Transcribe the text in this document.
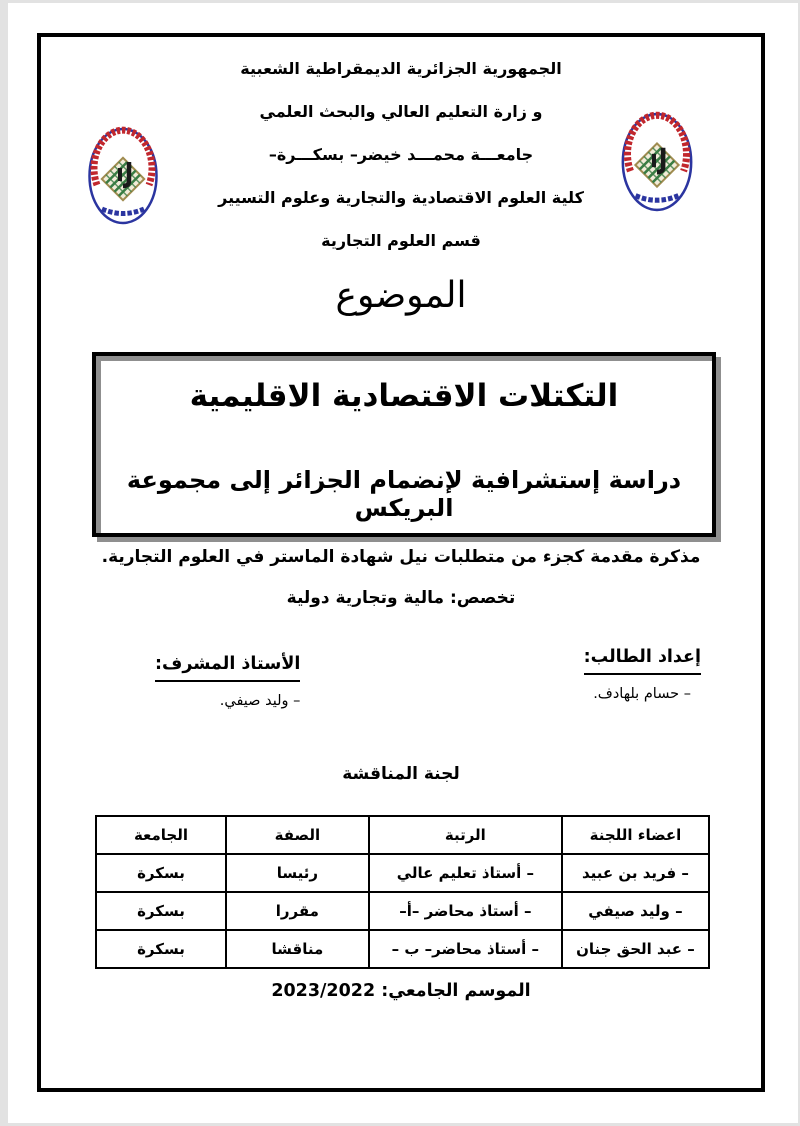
الجمهورية الجزائرية الديمقراطية الشعبية
و زارة التعليم العالي والبحث العلمي
جامعـــة محمـــد خيضر– بسكـــرة–
كلية العلوم الاقتصادية والتجارية وعلوم التسيير
قسم العلوم التجارية
الموضوع
التكتلات الاقتصادية الاقليمية
دراسة إستشرافية لإنضمام الجزائر إلى مجموعة البريكس
مذكرة مقدمة كجزء من متطلبات نيل شهادة الماستر في العلوم التجارية.
تخصص: مالية وتجارية دولية
إعداد الطالب:
– حسام بلهادف.
الأستاذ المشرف:
– وليد صيفي.
لجنة المناقشة
اعضاء اللجنة	الرتبة	الصفة	الجامعة
– فريد بن عبيد	– أستاذ تعليم عالي	رئيسا	بسكرة
– وليد صيفي	– أستاذ محاضر –أ–	مقررا	بسكرة
– عبد الحق جنان	– أستاذ محاضر– ب –	مناقشا	بسكرة
الموسم الجامعي: 2023/2022
